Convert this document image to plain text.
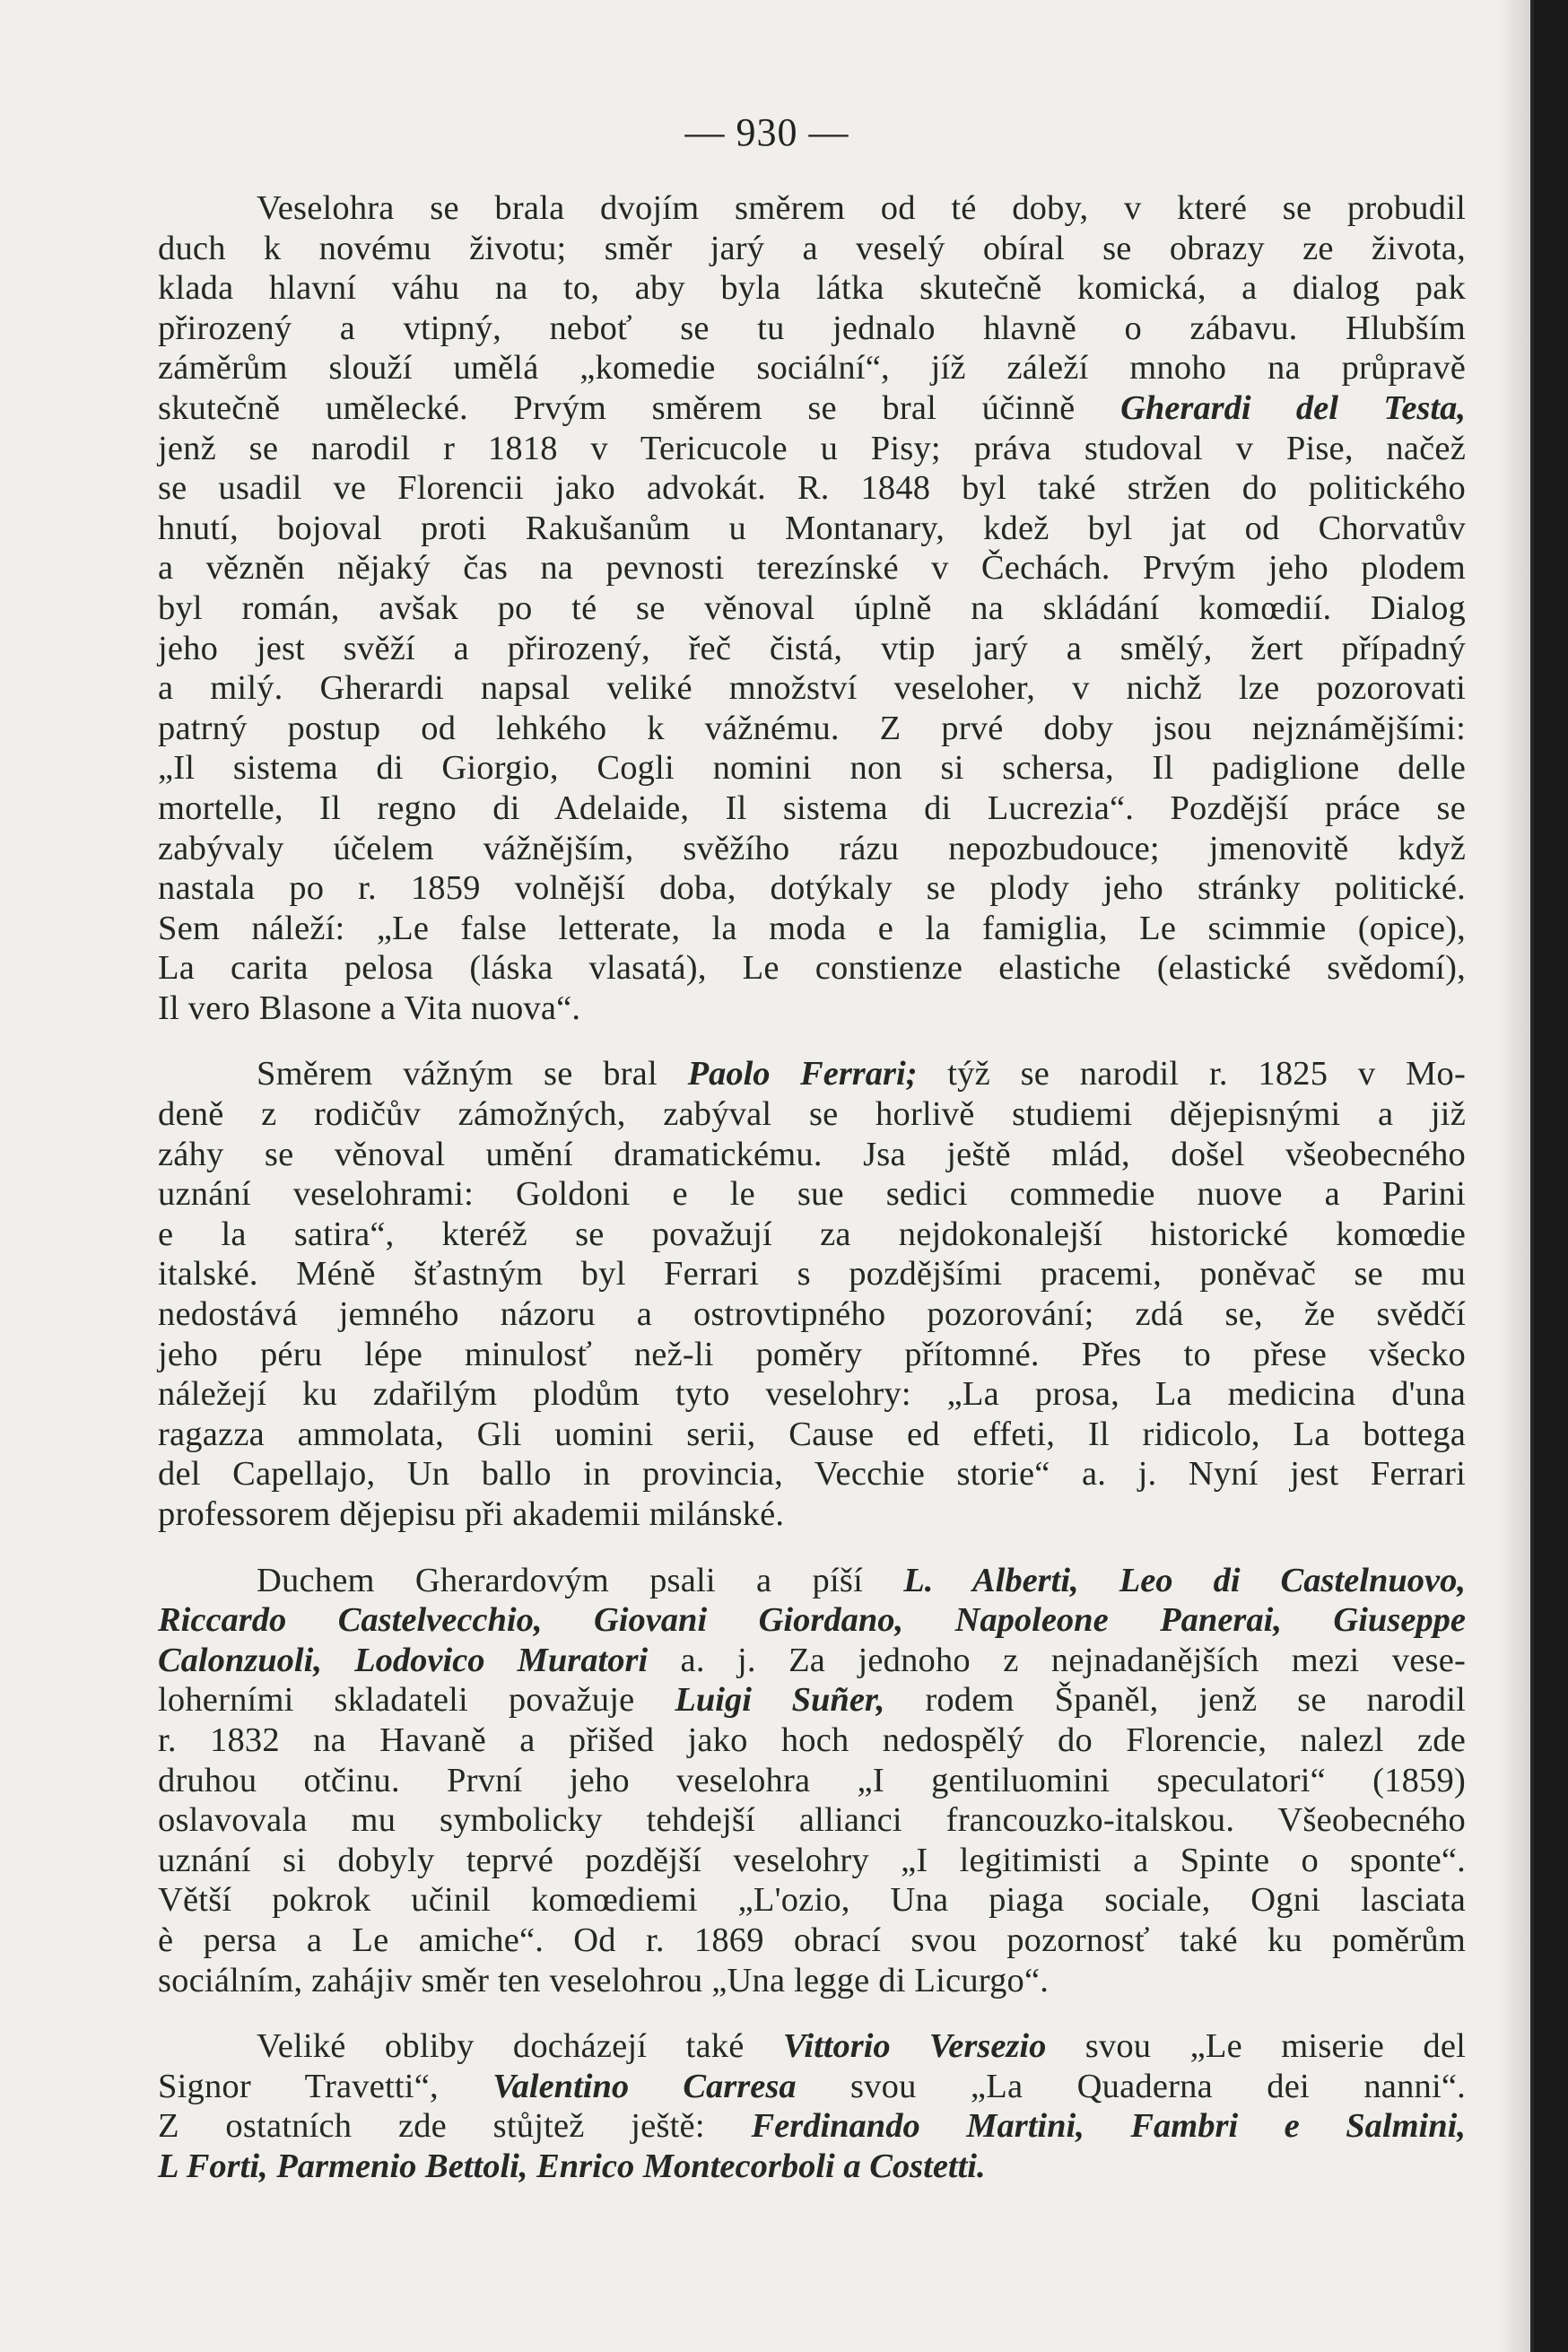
— 930 —
Veselohra se brala dvojím směrem od té doby, v které se probudil
duch k novému životu; směr jarý a veselý obíral se obrazy ze života,
klada hlavní váhu na to, aby byla látka skutečně komická, a dialog pak
přirozený a vtipný, neboť se tu jednalo hlavně o zábavu. Hlubším
záměrům slouží umělá „komedie sociální“, jíž záleží mnoho na průpravě
skutečně umělecké. Prvým směrem se bral účinně Gherardi del Testa,
jenž se narodil r 1818 v Tericucole u Pisy; práva studoval v Pise, načež
se usadil ve Florencii jako advokát. R. 1848 byl také stržen do politického
hnutí, bojoval proti Rakušanům u Montanary, kdež byl jat od Chorvatův
a vězněn nějaký čas na pevnosti terezínské v Čechách. Prvým jeho plodem
byl román, avšak po té se věnoval úplně na skládání komœdií. Dialog
jeho jest svěží a přirozený, řeč čistá, vtip jarý a smělý, žert případný
a milý. Gherardi napsal veliké množství veseloher, v nichž lze pozorovati
patrný postup od lehkého k vážnému. Z prvé doby jsou nejznámějšími:
„Il sistema di Giorgio, Cogli nomini non si schersa, Il padiglione delle
mortelle, Il regno di Adelaide, Il sistema di Lucrezia“. Pozdější práce se
zabývaly účelem vážnějším, svěžího rázu nepozbudouce; jmenovitě když
nastala po r. 1859 volnější doba, dotýkaly se plody jeho stránky politické.
Sem náleží: „Le false letterate, la moda e la famiglia, Le scimmie (opice),
La carita pelosa (láska vlasatá), Le constienze elastiche (elastické svědomí),
Il vero Blasone a Vita nuova“.
Směrem vážným se bral Paolo Ferrari; týž se narodil r. 1825 v Mo-
deně z rodičův zámožných, zabýval se horlivě studiemi dějepisnými a již
záhy se věnoval umění dramatickému. Jsa ještě mlád, došel všeobecného
uznání veselohrami: Goldoni e le sue sedici commedie nuove a Parini
e la satira“, kteréž se považují za nejdokonalejší historické komœdie
italské. Méně šťastným byl Ferrari s pozdějšími pracemi, poněvač se mu
nedostává jemného názoru a ostrovtipného pozorování; zdá se, že svědčí
jeho péru lépe minulosť než-li poměry přítomné. Přes to přese všecko
náležejí ku zdařilým plodům tyto veselohry: „La prosa, La medicina d'una
ragazza ammolata, Gli uomini serii, Cause ed effeti, Il ridicolo, La bottega
del Capellajo, Un ballo in provincia, Vecchie storie“ a. j. Nyní jest Ferrari
professorem dějepisu při akademii milánské.
Duchem Gherardovým psali a píší L. Alberti, Leo di Castelnuovo,
Riccardo Castelvecchio, Giovani Giordano, Napoleone Panerai, Giuseppe
Calonzuoli, Lodovico Muratori a. j. Za jednoho z nejnadanějších mezi vese-
loherními skladateli považuje Luigi Suñer, rodem Španěl, jenž se narodil
r. 1832 na Havaně a přišed jako hoch nedospělý do Florencie, nalezl zde
druhou otčinu. První jeho veselohra „I gentiluomini speculatori“ (1859)
oslavovala mu symbolicky tehdejší allianci francouzko-italskou. Všeobecného
uznání si dobyly teprvé pozdější veselohry „I legitimisti a Spinte o sponte“.
Větší pokrok učinil komœdiemi „L'ozio, Una piaga sociale, Ogni lasciata
è persa a Le amiche“. Od r. 1869 obrací svou pozornosť také ku poměrům
sociálním, zahájiv směr ten veselohrou „Una legge di Licurgo“.
Veliké obliby docházejí také Vittorio Versezio svou „Le miserie del
Signor Travetti“, Valentino Carresa svou „La Quaderna dei nanni“.
Z ostatních zde stůjtež ještě: Ferdinando Martini, Fambri e Salmini,
L Forti, Parmenio Bettoli, Enrico Montecorboli a Costetti.
